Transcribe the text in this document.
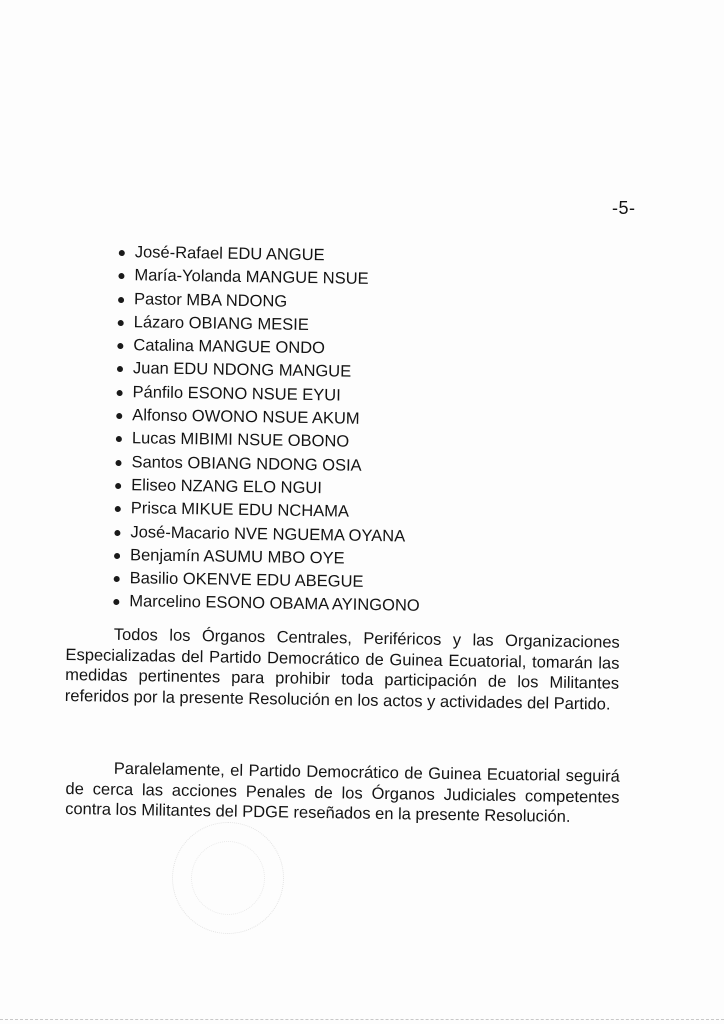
-5-
José-Rafael EDU ANGUE
María-Yolanda MANGUE NSUE
Pastor MBA NDONG
Lázaro OBIANG MESIE
Catalina MANGUE ONDO
Juan EDU NDONG MANGUE
Pánfilo ESONO NSUE EYUI
Alfonso OWONO NSUE AKUM
Lucas MIBIMI NSUE OBONO
Santos OBIANG NDONG OSIA
Eliseo NZANG ELO NGUI
Prisca MIKUE EDU NCHAMA
José-Macario NVE NGUEMA OYANA
Benjamín ASUMU MBO OYE
Basilio OKENVE EDU ABEGUE
Marcelino ESONO OBAMA AYINGONO

Todos los Órganos Centrales, Periféricos y las Organizaciones Especializadas del Partido Democrático de Guinea Ecuatorial, tomarán las medidas pertinentes para prohibir toda participación de los Militantes referidos por la presente Resolución en los actos y actividades del Partido.

Paralelamente, el Partido Democrático de Guinea Ecuatorial seguirá de cerca las acciones Penales de los Órganos Judiciales competentes contra los Militantes del PDGE reseñados en la presente Resolución.
